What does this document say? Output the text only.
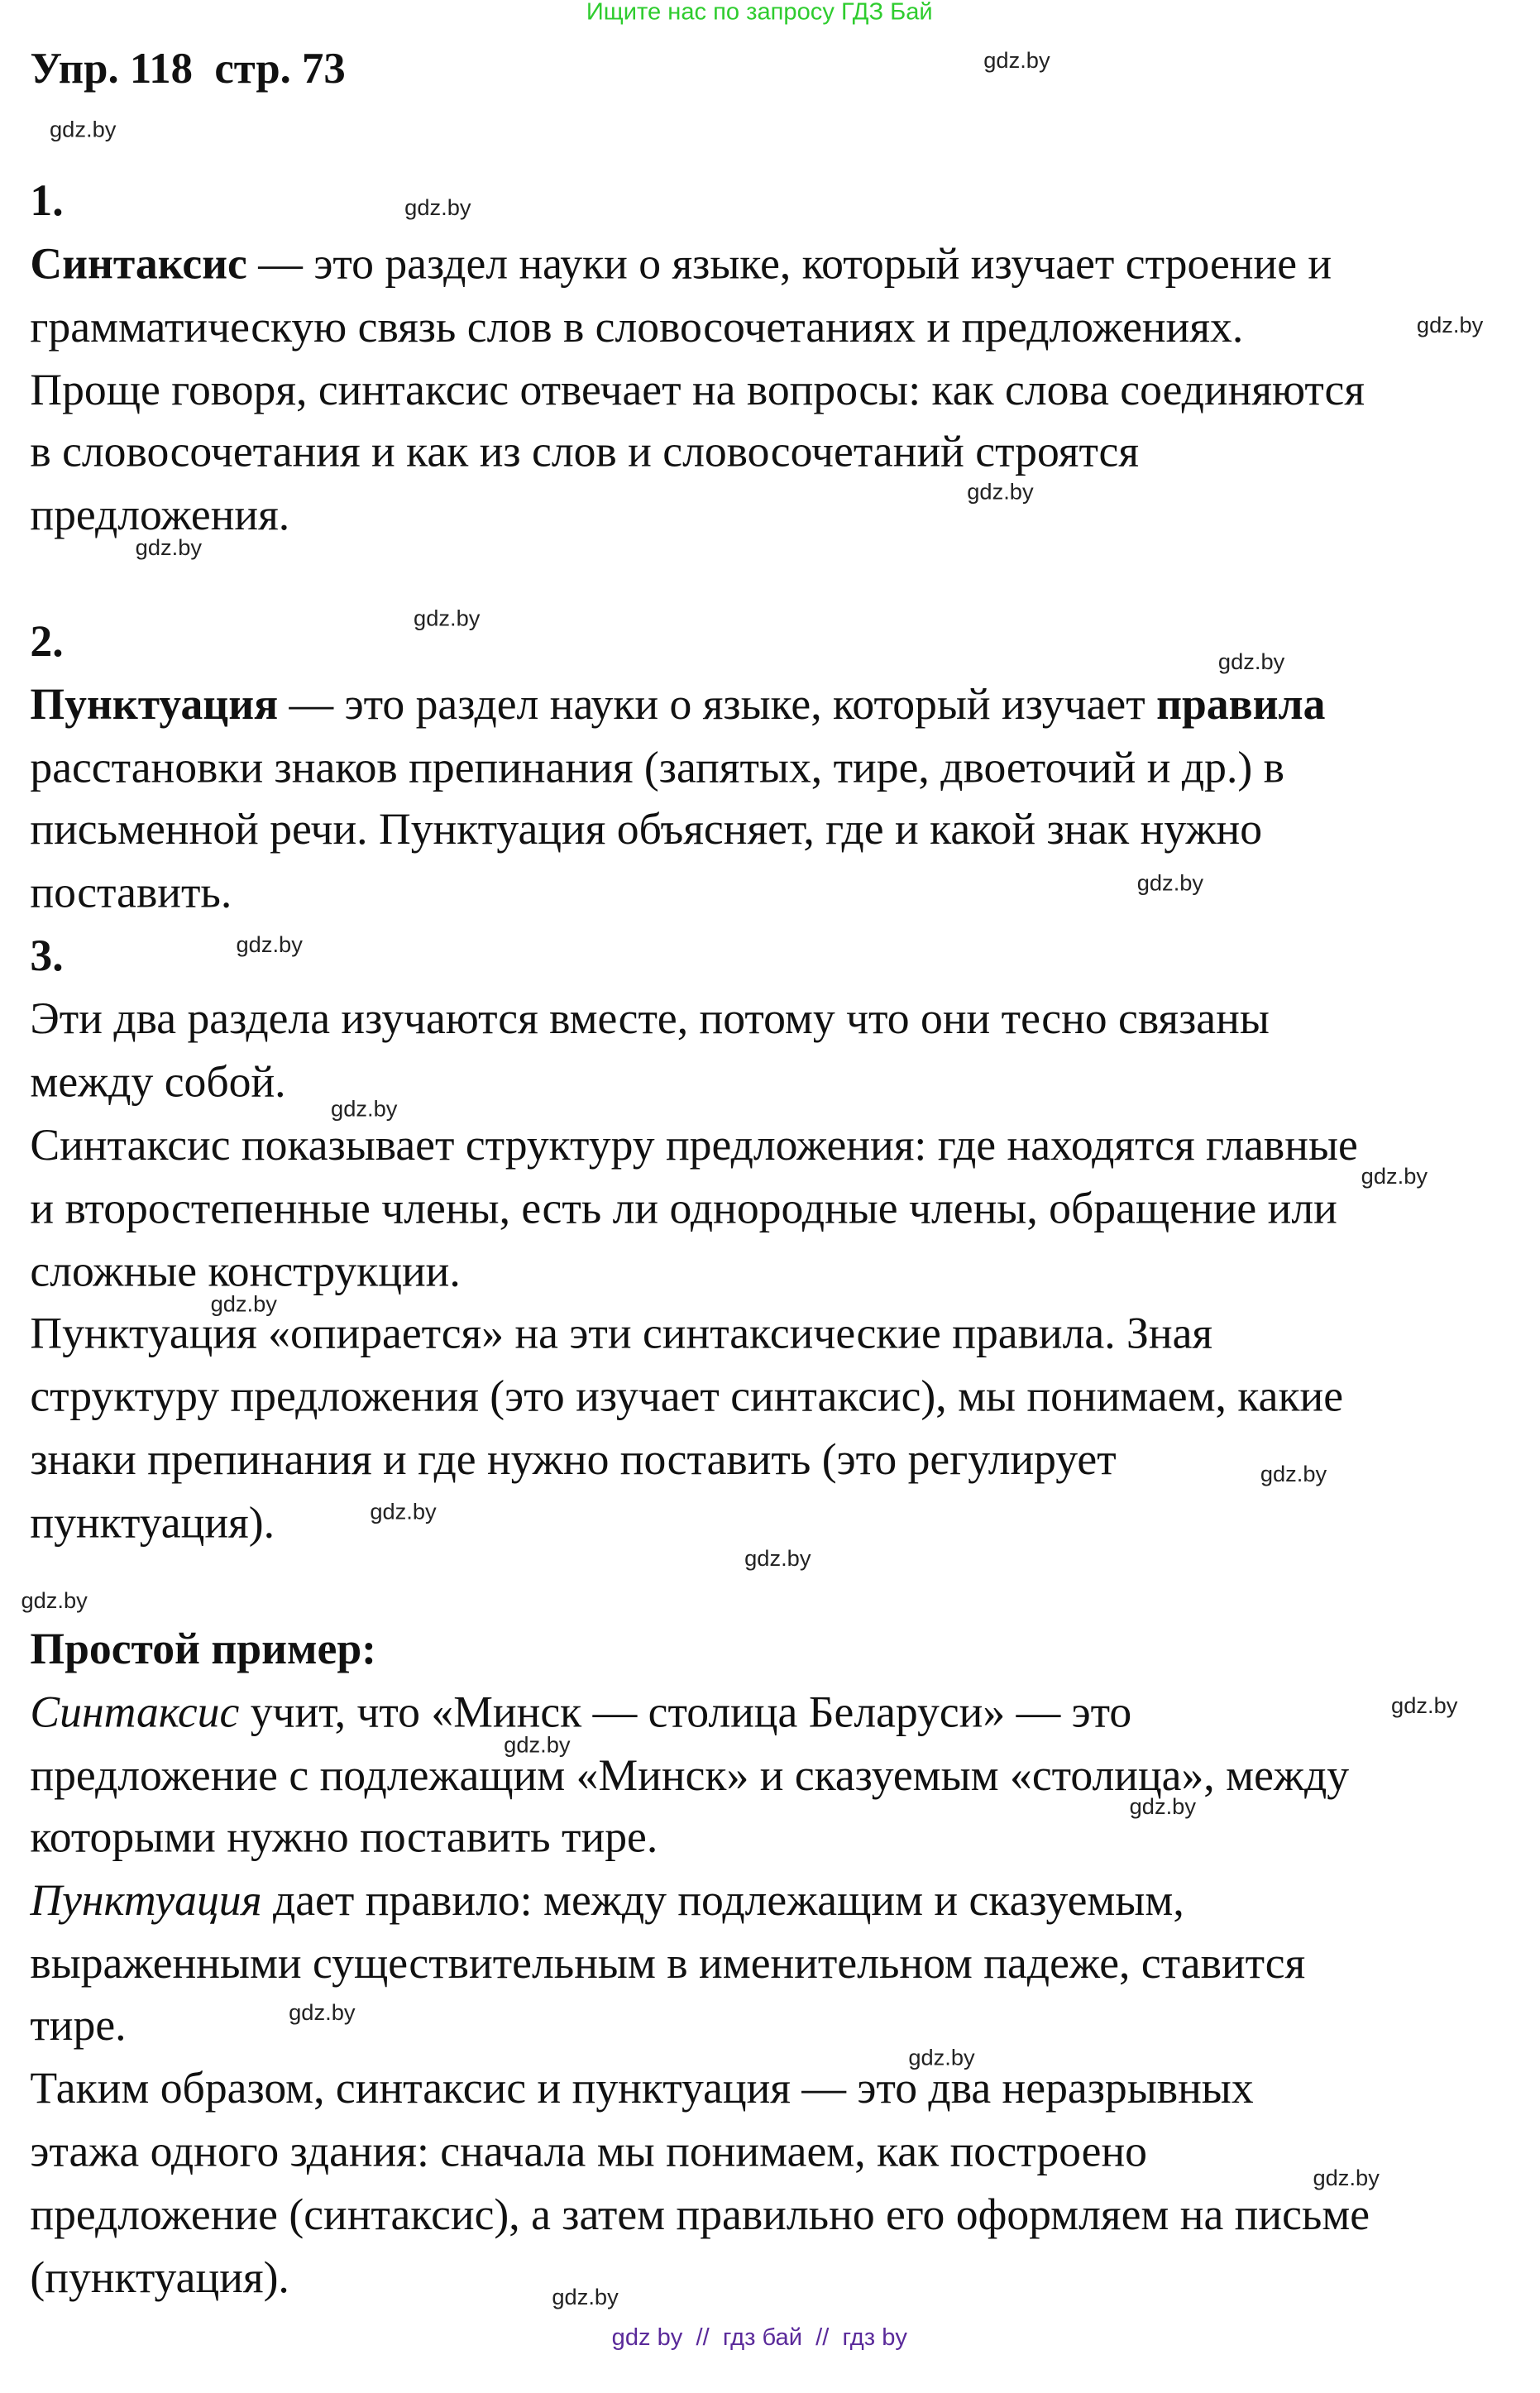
Ищите нас по запросу ГДЗ Бай
Упр. 118  стр. 73
1.
Синтаксис — это раздел науки о языке, который изучает строение и
грамматическую связь слов в словосочетаниях и предложениях.
Проще говоря, синтаксис отвечает на вопросы: как слова соединяются
в словосочетания и как из слов и словосочетаний строятся
предложения.
2.
Пунктуация — это раздел науки о языке, который изучает правила
расстановки знаков препинания (запятых, тире, двоеточий и др.) в
письменной речи. Пунктуация объясняет, где и какой знак нужно
поставить.
3.
Эти два раздела изучаются вместе, потому что они тесно связаны
между собой.
Синтаксис показывает структуру предложения: где находятся главные
и второстепенные члены, есть ли однородные члены, обращение или
сложные конструкции.
Пунктуация «опирается» на эти синтаксические правила. Зная
структуру предложения (это изучает синтаксис), мы понимаем, какие
знаки препинания и где нужно поставить (это регулирует
пунктуация).
Простой пример:
Синтаксис учит, что «Минск — столица Беларуси» — это
предложение с подлежащим «Минск» и сказуемым «столица», между
которыми нужно поставить тире.
Пунктуация дает правило: между подлежащим и сказуемым,
выраженными существительным в именительном падеже, ставится
тире.
Таким образом, синтаксис и пунктуация — это два неразрывных
этажа одного здания: сначала мы понимаем, как построено
предложение (синтаксис), а затем правильно его оформляем на письме
(пунктуация).
gdz.by
gdz.by
gdz.by
gdz.by
gdz.by
gdz.by
gdz.by
gdz.by
gdz.by
gdz.by
gdz.by
gdz.by
gdz.by
gdz.by
gdz.by
gdz.by
gdz.by
gdz.by
gdz.by
gdz.by
gdz.by
gdz.by
gdz.by
gdz.by
gdz by  //  гдз бай  //  гдз by
